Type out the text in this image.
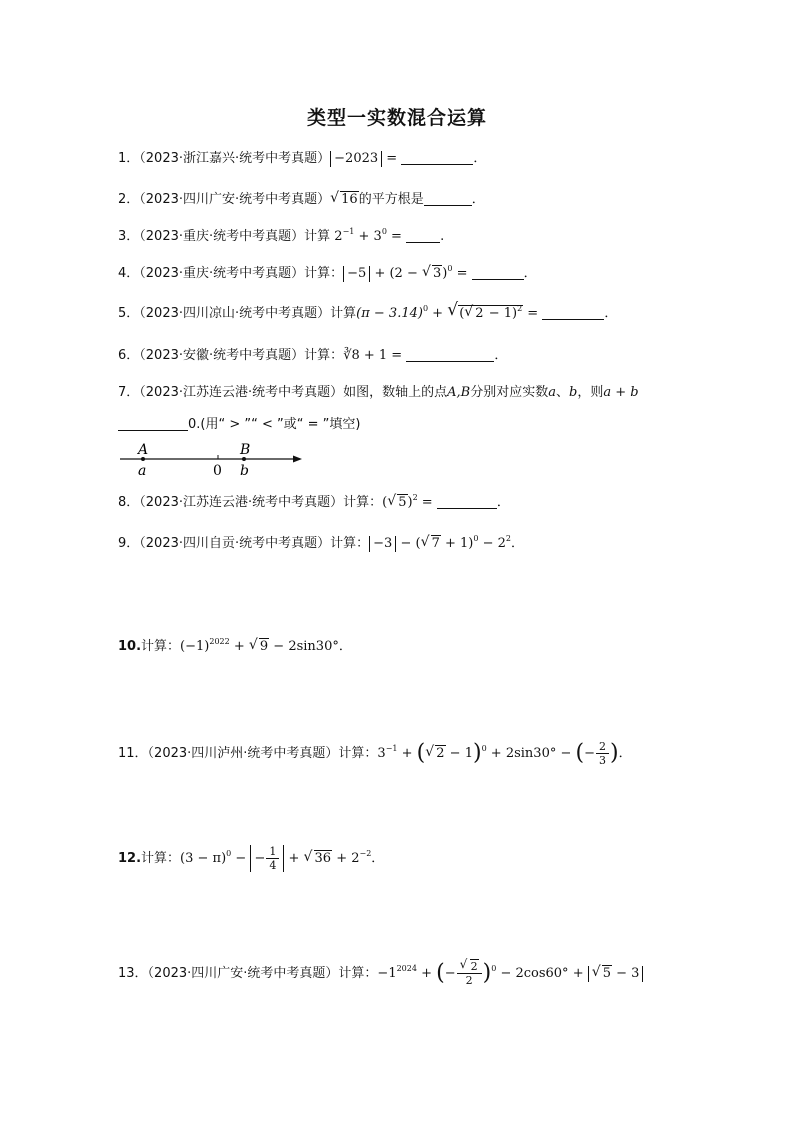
类型一实数混合运算
1．（2023·浙江嘉兴·统考中考真题） −2023 =	．
2．（2023·四川广安·统考中考真题） √ 16的平方根是	．
3．（2023·重庆·统考中考真题）计算 $2^{-1} + 3^0$ =	.
4．（2023·重庆·统考中考真题）计算： −5 + (2 − √ 3)$^0$ =	．
5．（2023·四川凉山·统考中考真题）计算$(\pi - 3.14)^0$ + √ ( √ 2 − 1)$^2$ =	．
6．（2023·安徽·统考中考真题）计算：∛8 + 1 =	．
7．（2023·江苏连云港·统考中考真题）如图，数轴上的点A,B分别对应实数a、b，则a + b
0.(用“ > ”“ < ”或“ = ”填空)
A
a	0
B
b
8．（2023·江苏连云港·统考中考真题）计算：( √ 5)$^2$ =	．
9．（2023·四川自贡·统考中考真题）计算： −3 − ( √ $7 + 1)^0 - 2^2$．
10.计算：$(-1)^{2022}$ + √ 9 − 2sin30°．
11．（2023·四川泸州·统考中考真题）计算：$3^{-1}$ + ( √ 2 − 1)$^0$ + 2sin30° − (− $\frac{2}{3}$ )．
12.计算：$(3 - \pi)^0$ − − $\frac{1}{4}$ + √ $36 + 2^{-2}$．
13．（2023·四川广安·统考中考真题）计算：$-1^{2024}$ + (− $\frac{√ 2}{2} )^0 - 2\cos 60^\circ$ + √ 5 − 3
